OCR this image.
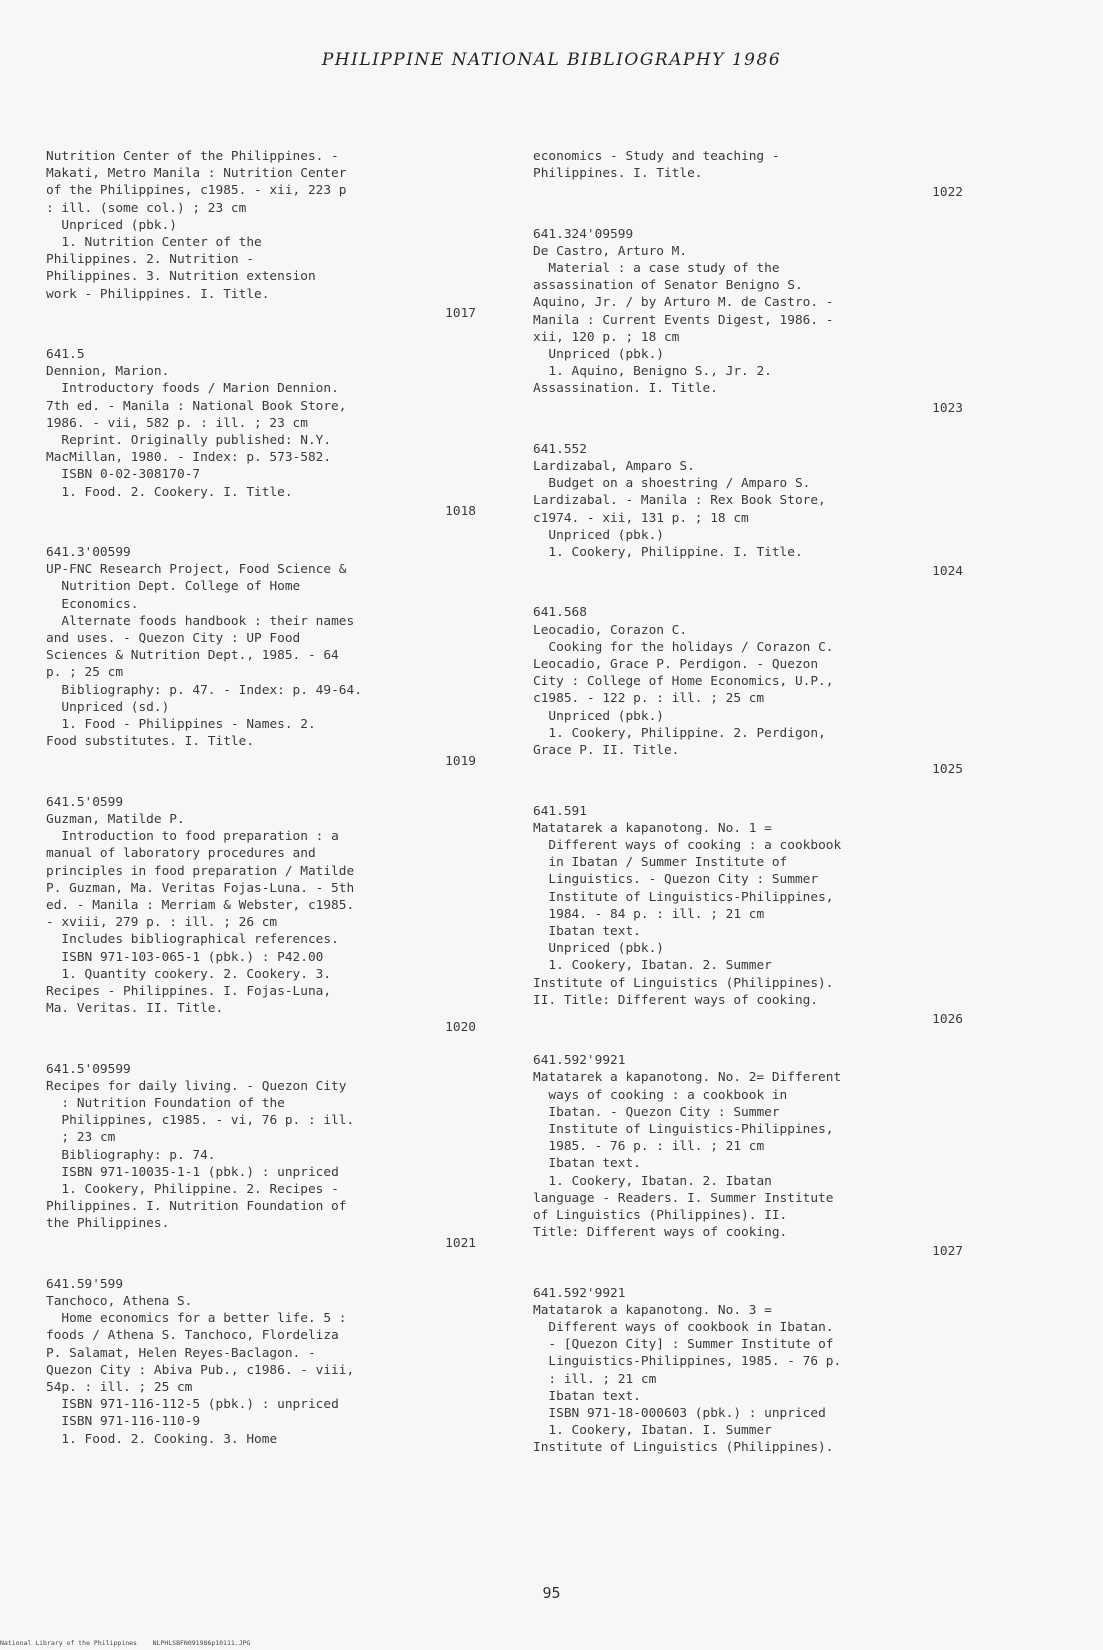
PHILIPPINE NATIONAL BIBLIOGRAPHY 1986
Nutrition Center of the Philippines. -
Makati, Metro Manila : Nutrition Center
of the Philippines, c1985. - xii, 223 p
: ill. (some col.) ; 23 cm
Unpriced (pbk.)
1. Nutrition Center of the
Philippines. 2. Nutrition -
Philippines. 3. Nutrition extension
work - Philippines. I. Title.
1017
641.5
Dennion, Marion.
Introductory foods / Marion Dennion.
7th ed. - Manila : National Book Store,
1986. - vii, 582 p. : ill. ; 23 cm
Reprint. Originally published: N.Y.
MacMillan, 1980. - Index: p. 573-582.
ISBN 0-02-308170-7
1. Food. 2. Cookery. I. Title.
1018
641.3'00599
UP-FNC Research Project, Food Science &
Nutrition Dept. College of Home
Economics.
Alternate foods handbook : their names
and uses. - Quezon City : UP Food
Sciences & Nutrition Dept., 1985. - 64
p. ; 25 cm
Bibliography: p. 47. - Index: p. 49-64.
Unpriced (sd.)
1. Food - Philippines - Names. 2.
Food substitutes. I. Title.
1019
641.5'0599
Guzman, Matilde P.
Introduction to food preparation : a
manual of laboratory procedures and
principles in food preparation / Matilde
P. Guzman, Ma. Veritas Fojas-Luna. - 5th
ed. - Manila : Merriam & Webster, c1985.
- xviii, 279 p. : ill. ; 26 cm
Includes bibliographical references.
ISBN 971-103-065-1 (pbk.) : P42.00
1. Quantity cookery. 2. Cookery. 3.
Recipes - Philippines. I. Fojas-Luna,
Ma. Veritas. II. Title.
1020
641.5'09599
Recipes for daily living. - Quezon City
: Nutrition Foundation of the
Philippines, c1985. - vi, 76 p. : ill.
; 23 cm
Bibliography: p. 74.
ISBN 971-10035-1-1 (pbk.) : unpriced
1. Cookery, Philippine. 2. Recipes -
Philippines. I. Nutrition Foundation of
the Philippines.
1021
641.59'599
Tanchoco, Athena S.
Home economics for a better life. 5 :
foods / Athena S. Tanchoco, Flordeliza
P. Salamat, Helen Reyes-Baclagon. -
Quezon City : Abiva Pub., c1986. - viii,
54p. : ill. ; 25 cm
ISBN 971-116-112-5 (pbk.) : unpriced
ISBN 971-116-110-9
1. Food. 2. Cooking. 3. Home
economics - Study and teaching -
Philippines. I. Title.
1022
641.324'09599
De Castro, Arturo M.
Material : a case study of the
assassination of Senator Benigno S.
Aquino, Jr. / by Arturo M. de Castro. -
Manila : Current Events Digest, 1986. -
xii, 120 p. ; 18 cm
Unpriced (pbk.)
1. Aquino, Benigno S., Jr. 2.
Assassination. I. Title.
1023
641.552
Lardizabal, Amparo S.
Budget on a shoestring / Amparo S.
Lardizabal. - Manila : Rex Book Store,
c1974. - xii, 131 p. ; 18 cm
Unpriced (pbk.)
1. Cookery, Philippine. I. Title.
1024
641.568
Leocadio, Corazon C.
Cooking for the holidays / Corazon C.
Leocadio, Grace P. Perdigon. - Quezon
City : College of Home Economics, U.P.,
c1985. - 122 p. : ill. ; 25 cm
Unpriced (pbk.)
1. Cookery, Philippine. 2. Perdigon,
Grace P. II. Title.
1025
641.591
Matatarek a kapanotong. No. 1 =
Different ways of cooking : a cookbook
in Ibatan / Summer Institute of
Linguistics. - Quezon City : Summer
Institute of Linguistics-Philippines,
1984. - 84 p. : ill. ; 21 cm
Ibatan text.
Unpriced (pbk.)
1. Cookery, Ibatan. 2. Summer
Institute of Linguistics (Philippines).
II. Title: Different ways of cooking.
1026
641.592'9921
Matatarek a kapanotong. No. 2= Different
ways of cooking : a cookbook in
Ibatan. - Quezon City : Summer
Institute of Linguistics-Philippines,
1985. - 76 p. : ill. ; 21 cm
Ibatan text.
1. Cookery, Ibatan. 2. Ibatan
language - Readers. I. Summer Institute
of Linguistics (Philippines). II.
Title: Different ways of cooking.
1027
641.592'9921
Matatarok a kapanotong. No. 3 =
Different ways of cookbook in Ibatan.
- [Quezon City] : Summer Institute of
Linguistics-Philippines, 1985. - 76 p.
: ill. ; 21 cm
Ibatan text.
ISBN 971-18-000603 (pbk.) : unpriced
1. Cookery, Ibatan. I. Summer
Institute of Linguistics (Philippines).
95
National Library of the Philippines    NLPHLSBFN091986p10111.JPG
